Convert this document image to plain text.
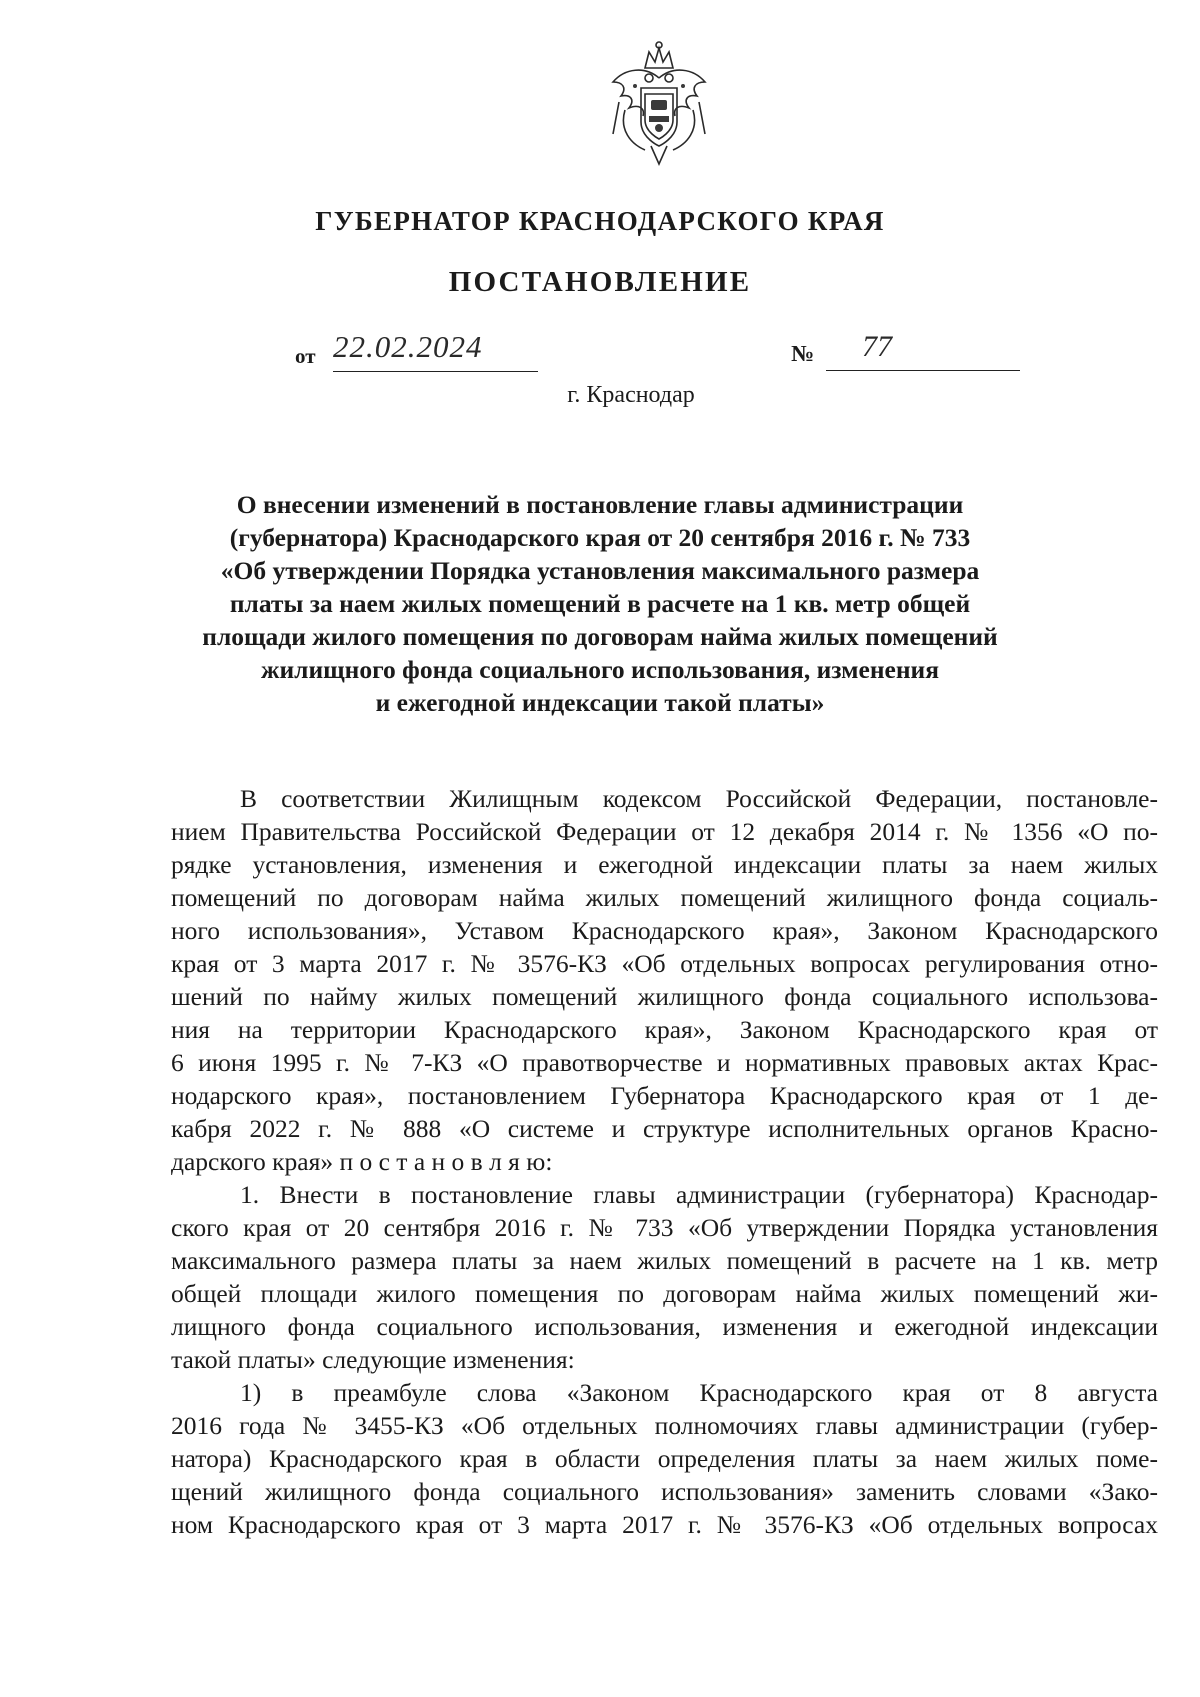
ГУБЕРНАТОР КРАСНОДАРСКОГО КРАЯ
ПОСТАНОВЛЕНИЕ
от 22.02.2024	№	77
г. Краснодар

О внесении изменений в постановление главы администрации
(губернатора) Краснодарского края от 20 сентября 2016 г. № 733
«Об утверждении Порядка установления максимального размера
платы за наем жилых помещений в расчете на 1 кв. метр общей
площади жилого помещения по договорам найма жилых помещений
жилищного фонда социального использования, изменения
и ежегодной индексации такой платы»

В соответствии Жилищным кодексом Российской Федерации, постановле-
нием Правительства Российской Федерации от 12 декабря 2014 г. № 1356 «О по-
рядке установления, изменения и ежегодной индексации платы за наем жилых
помещений по договорам найма жилых помещений жилищного фонда социаль-
ного использования», Уставом Краснодарского края», Законом Краснодарского
края от 3 марта 2017 г. № 3576-КЗ «Об отдельных вопросах регулирования отно-
шений по найму жилых помещений жилищного фонда социального использова-
ния на территории Краснодарского края», Законом Краснодарского края от
6 июня 1995 г. № 7-КЗ «О правотворчестве и нормативных правовых актах Крас-
нодарского края», постановлением Губернатора Краснодарского края от 1 де-
кабря 2022 г. № 888 «О системе и структуре исполнительных органов Красно-
дарского края» п о с т а н о в л я ю:
1. Внести в постановление главы администрации (губернатора) Краснодар-
ского края от 20 сентября 2016 г. № 733 «Об утверждении Порядка установления
максимального размера платы за наем жилых помещений в расчете на 1 кв. метр
общей площади жилого помещения по договорам найма жилых помещений жи-
лищного фонда социального использования, изменения и ежегодной индексации
такой платы» следующие изменения:
1) в преамбуле слова «Законом Краснодарского края от 8 августа
2016 года № 3455-КЗ «Об отдельных полномочиях главы администрации (губер-
натора) Краснодарского края в области определения платы за наем жилых поме-
щений жилищного фонда социального использования» заменить словами «Зако-
ном Краснодарского края от 3 марта 2017 г. № 3576-КЗ «Об отдельных вопросах
